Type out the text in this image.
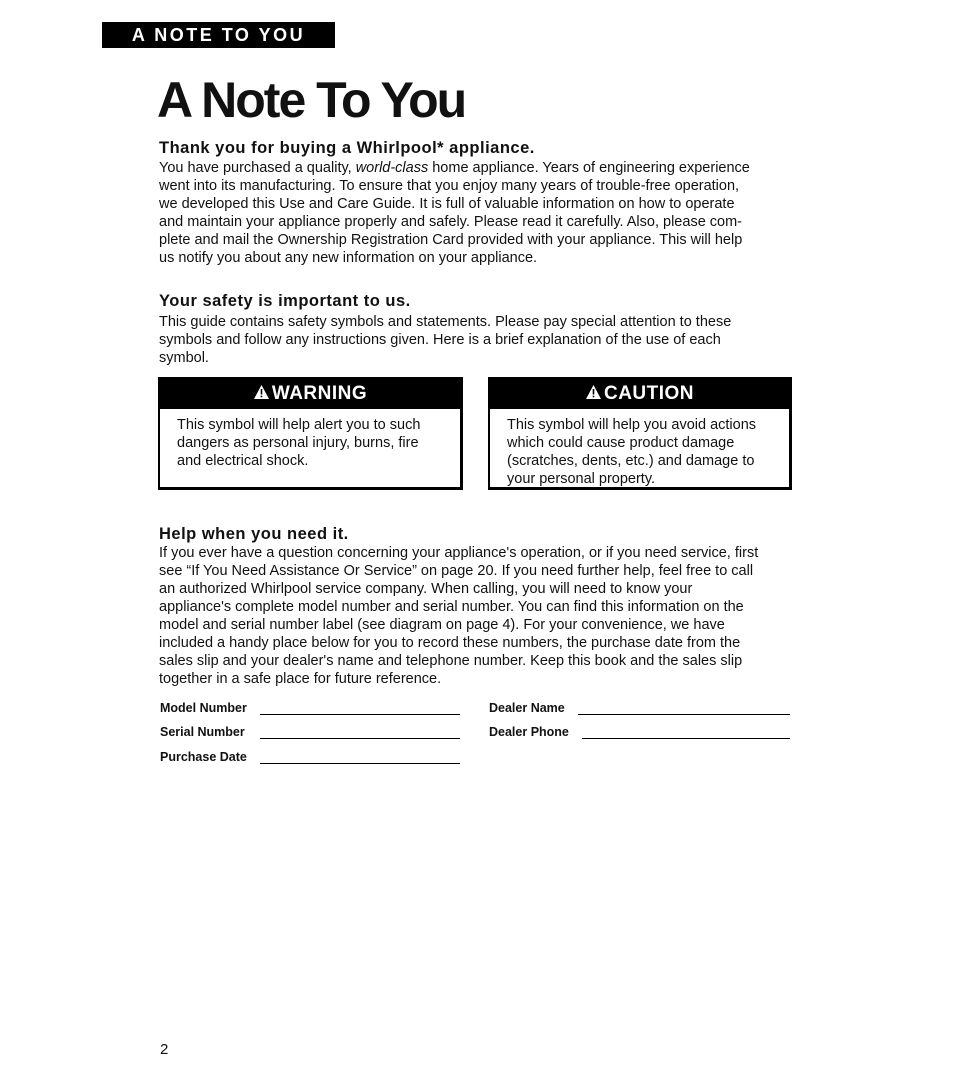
A NOTE TO YOU
A Note To You
Thank you for buying a Whirlpool* appliance.
You have purchased a quality, world-class home appliance. Years of engineering experience
went into its manufacturing. To ensure that you enjoy many years of trouble-free operation,
we developed this Use and Care Guide. It is full of valuable information on how to operate
and maintain your appliance properly and safely. Please read it carefully. Also, please com-
plete and mail the Ownership Registration Card provided with your appliance. This will help
us notify you about any new information on your appliance.
Your safety is important to us.
This guide contains safety symbols and statements. Please pay special attention to these
symbols and follow any instructions given. Here is a brief explanation of the use of each
symbol.
WARNING
This symbol will help alert you to such
dangers as personal injury, burns, fire
and electrical shock.
CAUTION
This symbol will help you avoid actions
which could cause product damage
(scratches, dents, etc.) and damage to
your personal property.
Help when you need it.
If you ever have a question concerning your appliance's operation, or if you need service, first
see “If You Need Assistance Or Service” on page 20. If you need further help, feel free to call
an authorized Whirlpool service company. When calling, you will need to know your
appliance's complete model number and serial number. You can find this information on the
model and serial number label (see diagram on page 4). For your convenience, we have
included a handy place below for you to record these numbers, the purchase date from the
sales slip and your dealer's name and telephone number. Keep this book and the sales slip
together in a safe place for future reference.
Model Number
Serial Number
Purchase Date
Dealer Name
Dealer Phone
2
